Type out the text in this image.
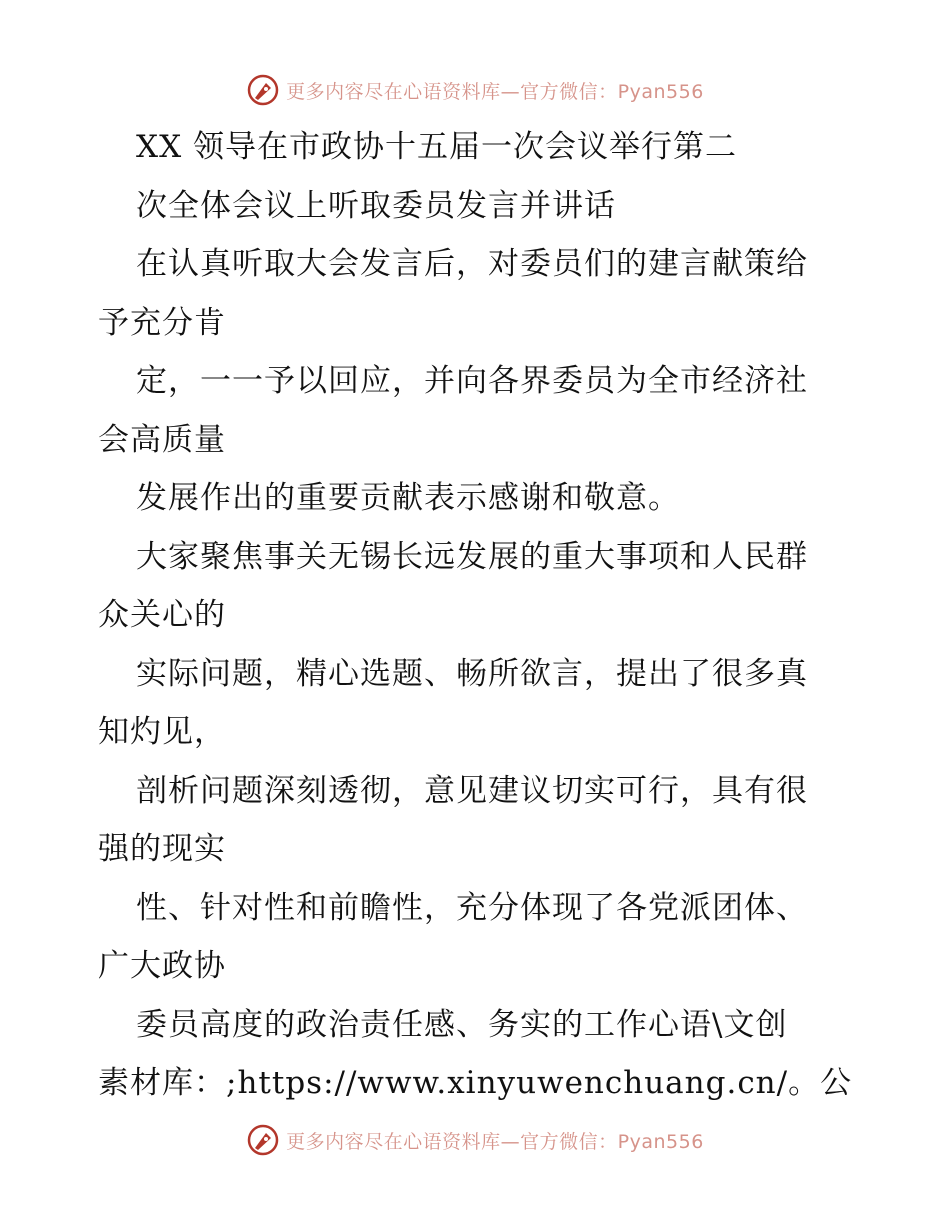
更多内容尽在心语资料库—官方微信：Pyan556
XX 领导在市政协十五届一次会议举行第二
次全体会议上听取委员发言并讲话
在认真听取大会发言后，对委员们的建言献策给
予充分肯
定，一一予以回应，并向各界委员为全市经济社
会高质量
发展作出的重要贡献表示感谢和敬意。
大家聚焦事关无锡长远发展的重大事项和人民群
众关心的
实际问题，精心选题、畅所欲言，提出了很多真
知灼见，
剖析问题深刻透彻，意见建议切实可行，具有很
强的现实
性、针对性和前瞻性，充分体现了各党派团体、
广大政协
委员高度的政治责任感、务实的工作心语\文创
素材库：;https://www.xinyuwenchuang.cn/。公
更多内容尽在心语资料库—官方微信：Pyan556
